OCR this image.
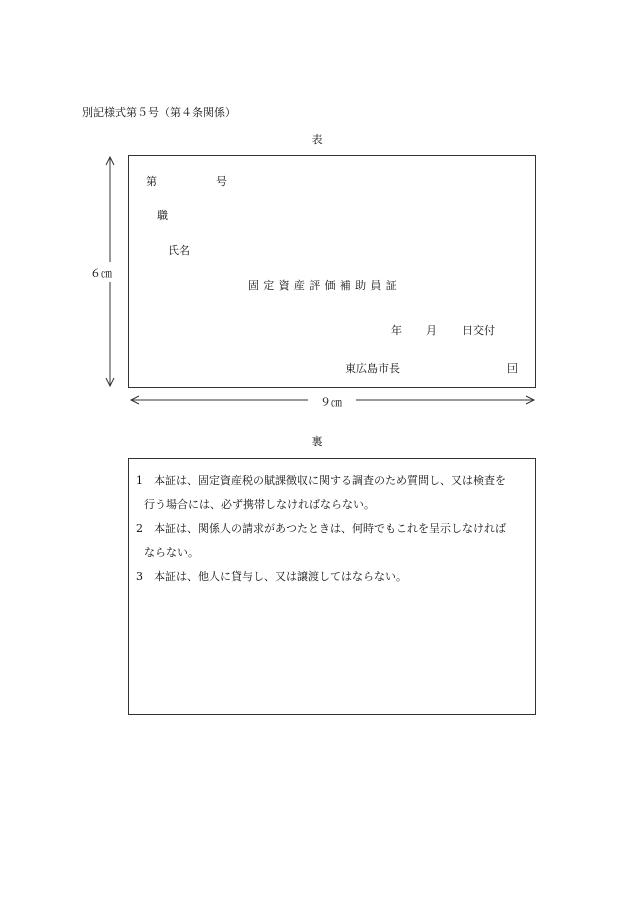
別記様式第５号（第４条関係）
表
６㎝
９㎝
第	号
職
氏名
固定資産評価補助員証
年 月 日交付
東広島市長	囙
裏
1 本証は、固定資産税の賦課徴収に関する調査のため質問し、又は検査を
行う場合には、必ず携帯しなければならない。
2 本証は、関係人の請求があつたときは、何時でもこれを呈示しなければ
ならない。
3 本証は、他人に貸与し、又は譲渡してはならない。
